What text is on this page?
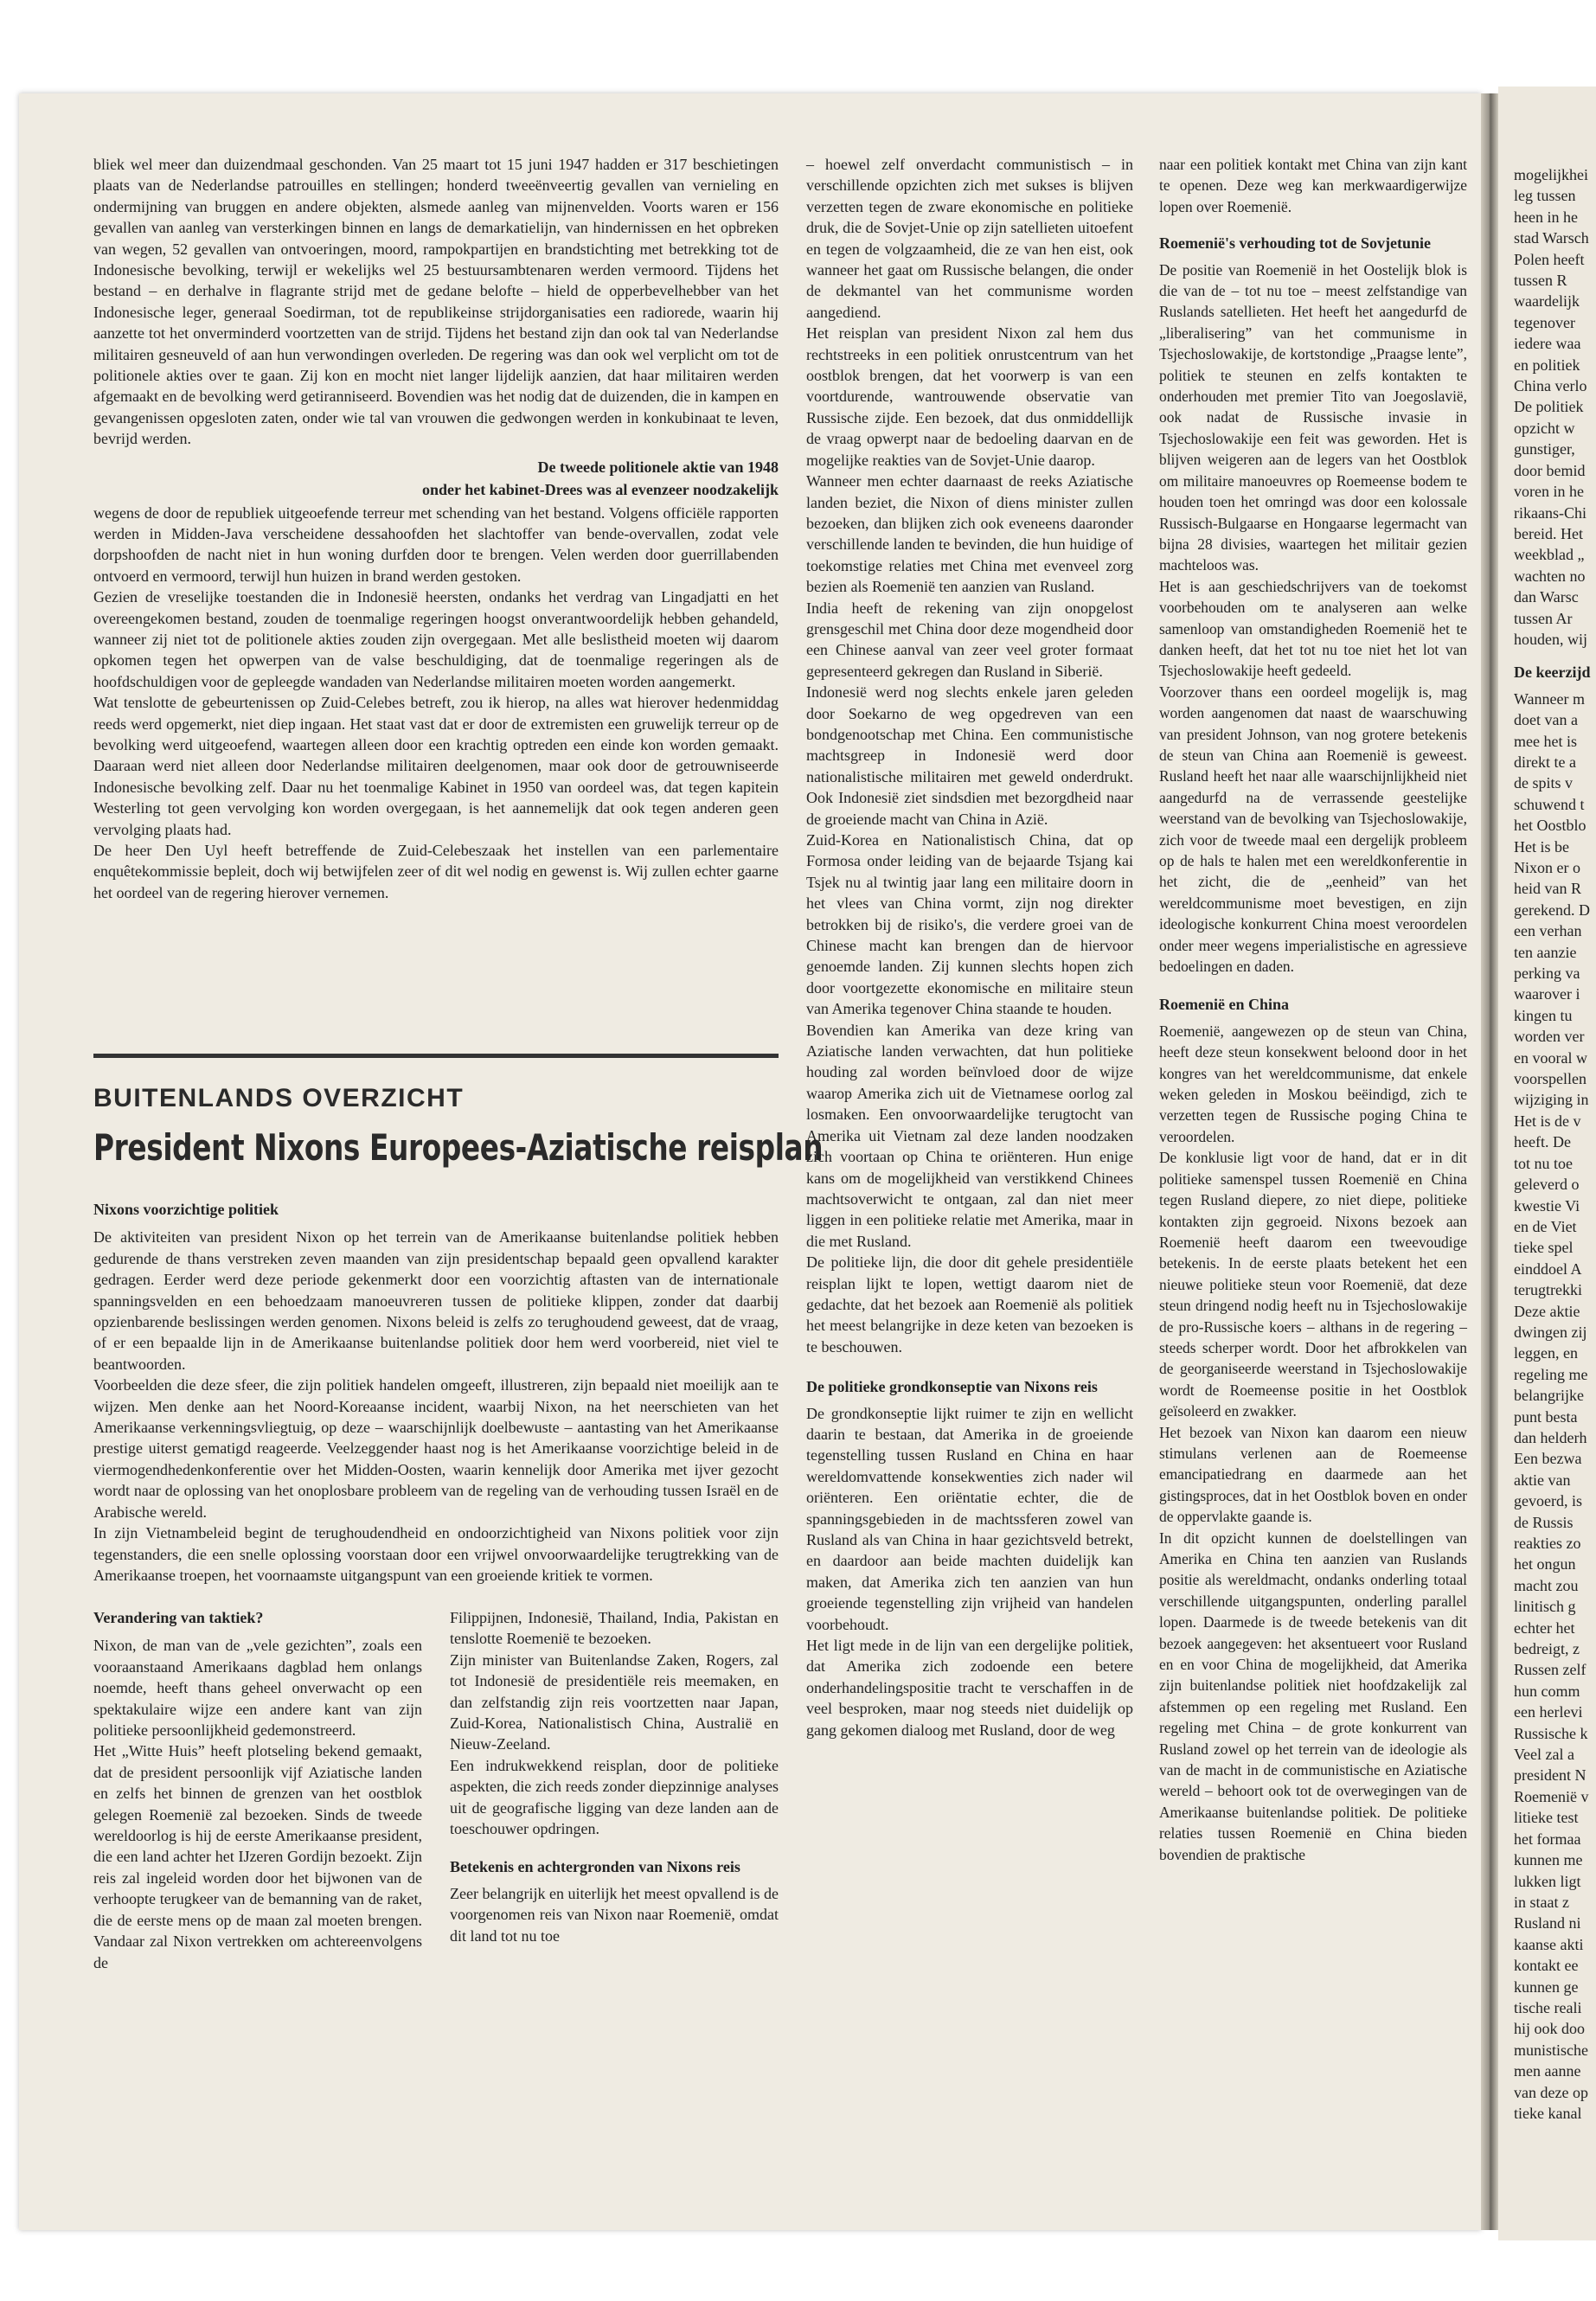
mogelijkhei
leg tussen
heen in he
stad Warsch
Polen heeft
tussen R
waardelijk
tegenover
iedere waa
en politiek
China verlo
De politiek
opzicht w
gunstiger,
door bemid
voren in he
rikaans-Chi
bereid. Het
weekblad „
wachten no
dan Warsc
tussen Ar
houden, wij
De keerzijd
Wanneer m
doet van a
mee het is
direkt te a
de spits v
schuwend t
het Oostblo
Het is be
Nixon er o
heid van R
gerekend. D
een verhan
ten aanzie
perking va
waarover i
kingen tu
worden ver
en vooral w
voorspellen
wijziging in
Het is de v
heeft. De
tot nu toe
geleverd o
kwestie Vi
en de Viet
tieke spel
einddoel A
terugtrekki
Deze aktie
dwingen zij
leggen, en
regeling me
belangrijke
punt besta
dan helderh
Een bezwa
aktie van
gevoerd, is
de Russis
reakties zo
het ongun
macht zou
linitisch g
echter het
bedreigt, z
Russen zelf
hun comm
een herlevi
Russische k
Veel zal a
president N
Roemenië v
litieke test
het formaa
kunnen me
lukken ligt
in staat z
Rusland ni
kaanse akti
kontakt ee
kunnen ge
tische reali
hij ook doo
munistische
men aanne
van deze op
tieke kanal

bliek wel meer dan duizendmaal geschonden. Van 25 maart tot 15 juni 1947 hadden er 317 beschietingen plaats van de Nederlandse patrouilles en stellingen; honderd tweeënveertig gevallen van vernieling en ondermijning van bruggen en andere objekten, alsmede aanleg van mijnenvelden. Voorts waren er 156 gevallen van aanleg van versterkingen binnen en langs de demarkatielijn, van hindernissen en het opbreken van wegen, 52 gevallen van ontvoeringen, moord, rampokpartijen en brandstichting met betrekking tot de Indonesische bevolking, terwijl er wekelijks wel 25 bestuursambtenaren werden vermoord. Tijdens het bestand – en derhalve in flagrante strijd met de gedane belofte – hield de opperbevelhebber van het Indonesische leger, generaal Soedirman, tot de republikeinse strijdorganisaties een radiorede, waarin hij aanzette tot het onverminderd voortzetten van de strijd. Tijdens het bestand zijn dan ook tal van Nederlandse militairen gesneuveld of aan hun verwondingen overleden. De regering was dan ook wel verplicht om tot de politionele akties over te gaan. Zij kon en mocht niet langer lijdelijk aanzien, dat haar militairen werden afgemaakt en de bevolking werd getiranniseerd. Bovendien was het nodig dat de duizenden, die in kampen en gevangenissen opgesloten zaten, onder wie tal van vrouwen die gedwongen werden in konkubinaat te leven, bevrijd werden.

De tweede politionele aktie van 1948
onder het kabinet-Drees was al evenzeer noodzakelijk

wegens de door de republiek uitgeoefende terreur met schending van het bestand. Volgens officiële rapporten werden in Midden-Java verscheidene dessahoofden het slachtoffer van bende-overvallen, zodat vele dorpshoofden de nacht niet in hun woning durfden door te brengen. Velen werden door guerrillabenden ontvoerd en vermoord, terwijl hun huizen in brand werden gestoken.

Gezien de vreselijke toestanden die in Indonesië heersten, ondanks het verdrag van Lingadjatti en het overeengekomen bestand, zouden de toenmalige regeringen hoogst onverantwoordelijk hebben gehandeld, wanneer zij niet tot de politionele akties zouden zijn overgegaan. Met alle beslistheid moeten wij daarom opkomen tegen het opwerpen van de valse beschuldiging, dat de toenmalige regeringen als de hoofdschuldigen voor de gepleegde wandaden van Nederlandse militairen moeten worden aangemerkt.

Wat tenslotte de gebeurtenissen op Zuid-Celebes betreft, zou ik hierop, na alles wat hierover hedenmiddag reeds werd opgemerkt, niet diep ingaan. Het staat vast dat er door de extremisten een gruwelijk terreur op de bevolking werd uitgeoefend, waartegen alleen door een krachtig optreden een einde kon worden gemaakt. Daaraan werd niet alleen door Nederlandse militairen deelgenomen, maar ook door de getrouwniseerde Indonesische bevolking zelf. Daar nu het toenmalige Kabinet in 1950 van oordeel was, dat tegen kapitein Westerling tot geen vervolging kon worden overgegaan, is het aannemelijk dat ook tegen anderen geen vervolging plaats had.

De heer Den Uyl heeft betreffende de Zuid-Celebeszaak het instellen van een parlementaire enquêtekommissie bepleit, doch wij betwijfelen zeer of dit wel nodig en gewenst is. Wij zullen echter gaarne het oordeel van de regering hierover vernemen.

BUITENLANDS OVERZICHT
President Nixons Europees-Aziatische reisplan
Nixons voorzichtige politiek

De aktiviteiten van president Nixon op het terrein van de Amerikaanse buitenlandse politiek hebben gedurende de thans verstreken zeven maanden van zijn presidentschap bepaald geen opvallend karakter gedragen. Eerder werd deze periode gekenmerkt door een voorzichtig aftasten van de internationale spanningsvelden en een behoedzaam manoeuvreren tussen de politieke klippen, zonder dat daarbij opzienbarende beslissingen werden genomen. Nixons beleid is zelfs zo terughoudend geweest, dat de vraag, of er een bepaalde lijn in de Amerikaanse buitenlandse politiek door hem werd voorbereid, niet viel te beantwoorden.

Voorbeelden die deze sfeer, die zijn politiek handelen omgeeft, illustreren, zijn bepaald niet moeilijk aan te wijzen. Men denke aan het Noord-Koreaanse incident, waarbij Nixon, na het neerschieten van het Amerikaanse verkenningsvliegtuig, op deze – waarschijnlijk doelbewuste – aantasting van het Amerikaanse prestige uiterst gematigd reageerde. Veelzeggender haast nog is het Amerikaanse voorzichtige beleid in de viermogendhedenkonferentie over het Midden-Oosten, waarin kennelijk door Amerika met ijver gezocht wordt naar de oplossing van het onoplosbare probleem van de regeling van de verhouding tussen Israël en de Arabische wereld.

In zijn Vietnambeleid begint de terughoudendheid en ondoorzichtigheid van Nixons politiek voor zijn tegenstanders, die een snelle oplossing voorstaan door een vrijwel onvoorwaardelijke terugtrekking van de Amerikaanse troepen, het voornaamste uitgangspunt van een groeiende kritiek te vormen.

Verandering van taktiek?

Nixon, de man van de „vele gezichten”, zoals een vooraanstaand Amerikaans dagblad hem onlangs noemde, heeft thans geheel onverwacht op een spektakulaire wijze een andere kant van zijn politieke persoonlijkheid gedemonstreerd.

Het „Witte Huis” heeft plotseling bekend gemaakt, dat de president persoonlijk vijf Aziatische landen en zelfs het binnen de grenzen van het oostblok gelegen Roemenië zal bezoeken. Sinds de tweede wereldoorlog is hij de eerste Amerikaanse president, die een land achter het IJzeren Gordijn bezoekt. Zijn reis zal ingeleid worden door het bijwonen van de verhoopte terugkeer van de bemanning van de raket, die de eerste mens op de maan zal moeten brengen. Vandaar zal Nixon vertrekken om achtereenvolgens de

Filippijnen, Indonesië, Thailand, India, Pakistan en tenslotte Roemenië te bezoeken.

Zijn minister van Buitenlandse Zaken, Rogers, zal tot Indonesië de presidentiële reis meemaken, en dan zelfstandig zijn reis voortzetten naar Japan, Zuid-Korea, Nationalistisch China, Australië en Nieuw-Zeeland.

Een indrukwekkend reisplan, door de politieke aspekten, die zich reeds zonder diepzinnige analyses uit de geografische ligging van deze landen aan de toeschouwer opdringen.

Betekenis en achtergronden van Nixons reis

Zeer belangrijk en uiterlijk het meest opvallend is de voorgenomen reis van Nixon naar Roemenië, omdat dit land tot nu toe

– hoewel zelf onverdacht communistisch – in verschillende opzichten zich met sukses is blijven verzetten tegen de zware ekonomische en politieke druk, die de Sovjet-Unie op zijn satellieten uitoefent en tegen de volgzaamheid, die ze van hen eist, ook wanneer het gaat om Russische belangen, die onder de dekmantel van het communisme worden aangediend.

Het reisplan van president Nixon zal hem dus rechtstreeks in een politiek onrustcentrum van het oostblok brengen, dat het voorwerp is van een voortdurende, wantrouwende observatie van Russische zijde. Een bezoek, dat dus onmiddellijk de vraag opwerpt naar de bedoeling daarvan en de mogelijke reakties van de Sovjet-Unie daarop.

Wanneer men echter daarnaast de reeks Aziatische landen beziet, die Nixon of diens minister zullen bezoeken, dan blijken zich ook eveneens daaronder verschillende landen te bevinden, die hun huidige of toekomstige relaties met China met evenveel zorg bezien als Roemenië ten aanzien van Rusland.

India heeft de rekening van zijn onopgelost grensgeschil met China door deze mogendheid door een Chinese aanval van zeer veel groter formaat gepresenteerd gekregen dan Rusland in Siberië.

Indonesië werd nog slechts enkele jaren geleden door Soekarno de weg opgedreven van een bondgenootschap met China. Een communistische machtsgreep in Indonesië werd door nationalistische militairen met geweld onderdrukt. Ook Indonesië ziet sindsdien met bezorgdheid naar de groeiende macht van China in Azië.

Zuid-Korea en Nationalistisch China, dat op Formosa onder leiding van de bejaarde Tsjang kai Tsjek nu al twintig jaar lang een militaire doorn in het vlees van China vormt, zijn nog direkter betrokken bij de risiko's, die verdere groei van de Chinese macht kan brengen dan de hiervoor genoemde landen. Zij kunnen slechts hopen zich door voortgezette ekonomische en militaire steun van Amerika tegenover China staande te houden.

Bovendien kan Amerika van deze kring van Aziatische landen verwachten, dat hun politieke houding zal worden beïnvloed door de wijze waarop Amerika zich uit de Vietnamese oorlog zal losmaken. Een onvoorwaardelijke terugtocht van Amerika uit Vietnam zal deze landen noodzaken zich voortaan op China te oriënteren. Hun enige kans om de mogelijkheid van verstikkend Chinees machtsoverwicht te ontgaan, zal dan niet meer liggen in een politieke relatie met Amerika, maar in die met Rusland.

De politieke lijn, die door dit gehele presidentiële reisplan lijkt te lopen, wettigt daarom niet de gedachte, dat het bezoek aan Roemenië als politiek het meest belangrijke in deze keten van bezoeken is te beschouwen.

De politieke grondkonseptie van Nixons reis

De grondkonseptie lijkt ruimer te zijn en wellicht daarin te bestaan, dat Amerika in de groeiende tegenstelling tussen Rusland en China en haar wereldomvattende konsekwenties zich nader wil oriënteren. Een oriëntatie echter, die de spanningsgebieden in de machtssferen zowel van Rusland als van China in haar gezichtsveld betrekt, en daardoor aan beide machten duidelijk kan maken, dat Amerika zich ten aanzien van hun groeiende tegenstelling zijn vrijheid van handelen voorbehoudt.

Het ligt mede in de lijn van een dergelijke politiek, dat Amerika zich zodoende een betere onderhandelingspositie tracht te verschaffen in de veel besproken, maar nog steeds niet duidelijk op gang gekomen dialoog met Rusland, door de weg

naar een politiek kontakt met China van zijn kant te openen. Deze weg kan merkwaardigerwijze lopen over Roemenië.

Roemenië's verhouding tot de Sovjetunie

De positie van Roemenië in het Oostelijk blok is die van de – tot nu toe – meest zelfstandige van Ruslands satellieten. Het heeft het aangedurfd de „liberalisering” van het communisme in Tsjechoslowakije, de kortstondige „Praagse lente”, politiek te steunen en zelfs kontakten te onderhouden met premier Tito van Joegoslavië, ook nadat de Russische invasie in Tsjechoslowakije een feit was geworden. Het is blijven weigeren aan de legers van het Oostblok om militaire manoeuvres op Roemeense bodem te houden toen het omringd was door een kolossale Russisch-Bulgaarse en Hongaarse legermacht van bijna 28 divisies, waartegen het militair gezien machteloos was.

Het is aan geschiedschrijvers van de toekomst voorbehouden om te analyseren aan welke samenloop van omstandigheden Roemenië het te danken heeft, dat het tot nu toe niet het lot van Tsjechoslowakije heeft gedeeld.

Voorzover thans een oordeel mogelijk is, mag worden aangenomen dat naast de waarschuwing van president Johnson, van nog grotere betekenis de steun van China aan Roemenië is geweest. Rusland heeft het naar alle waarschijnlijkheid niet aangedurfd na de verrassende geestelijke weerstand van de bevolking van Tsjechoslowakije, zich voor de tweede maal een dergelijk probleem op de hals te halen met een wereldkonferentie in het zicht, die de „eenheid” van het wereldcommunisme moet bevestigen, en zijn ideologische konkurrent China moest veroordelen onder meer wegens imperialistische en agressieve bedoelingen en daden.

Roemenië en China

Roemenië, aangewezen op de steun van China, heeft deze steun konsekwent beloond door in het kongres van het wereldcommunisme, dat enkele weken geleden in Moskou beëindigd, zich te verzetten tegen de Russische poging China te veroordelen.

De konklusie ligt voor de hand, dat er in dit politieke samenspel tussen Roemenië en China tegen Rusland diepere, zo niet diepe, politieke kontakten zijn gegroeid. Nixons bezoek aan Roemenië heeft daarom een tweevoudige betekenis. In de eerste plaats betekent het een nieuwe politieke steun voor Roemenië, dat deze steun dringend nodig heeft nu in Tsjechoslowakije de pro-Russische koers – althans in de regering – steeds scherper wordt. Door het afbrokkelen van de georganiseerde weerstand in Tsjechoslowakije wordt de Roemeense positie in het Oostblok geïsoleerd en zwakker.

Het bezoek van Nixon kan daarom een nieuw stimulans verlenen aan de Roemeense emancipatiedrang en daarmede aan het gistingsproces, dat in het Oostblok boven en onder de oppervlakte gaande is.

In dit opzicht kunnen de doelstellingen van Amerika en China ten aanzien van Ruslands positie als wereldmacht, ondanks onderling totaal verschillende uitgangspunten, onderling parallel lopen. Daarmede is de tweede betekenis van dit bezoek aangegeven: het aksentueert voor Rusland en en voor China de mogelijkheid, dat Amerika zijn buitenlandse politiek niet hoofdzakelijk zal afstemmen op een regeling met Rusland. Een regeling met China – de grote konkurrent van Rusland zowel op het terrein van de ideologie als van de macht in de communistische en Aziatische wereld – behoort ook tot de overwegingen van de Amerikaanse buitenlandse politiek. De politieke relaties tussen Roemenië en China bieden bovendien de praktische
